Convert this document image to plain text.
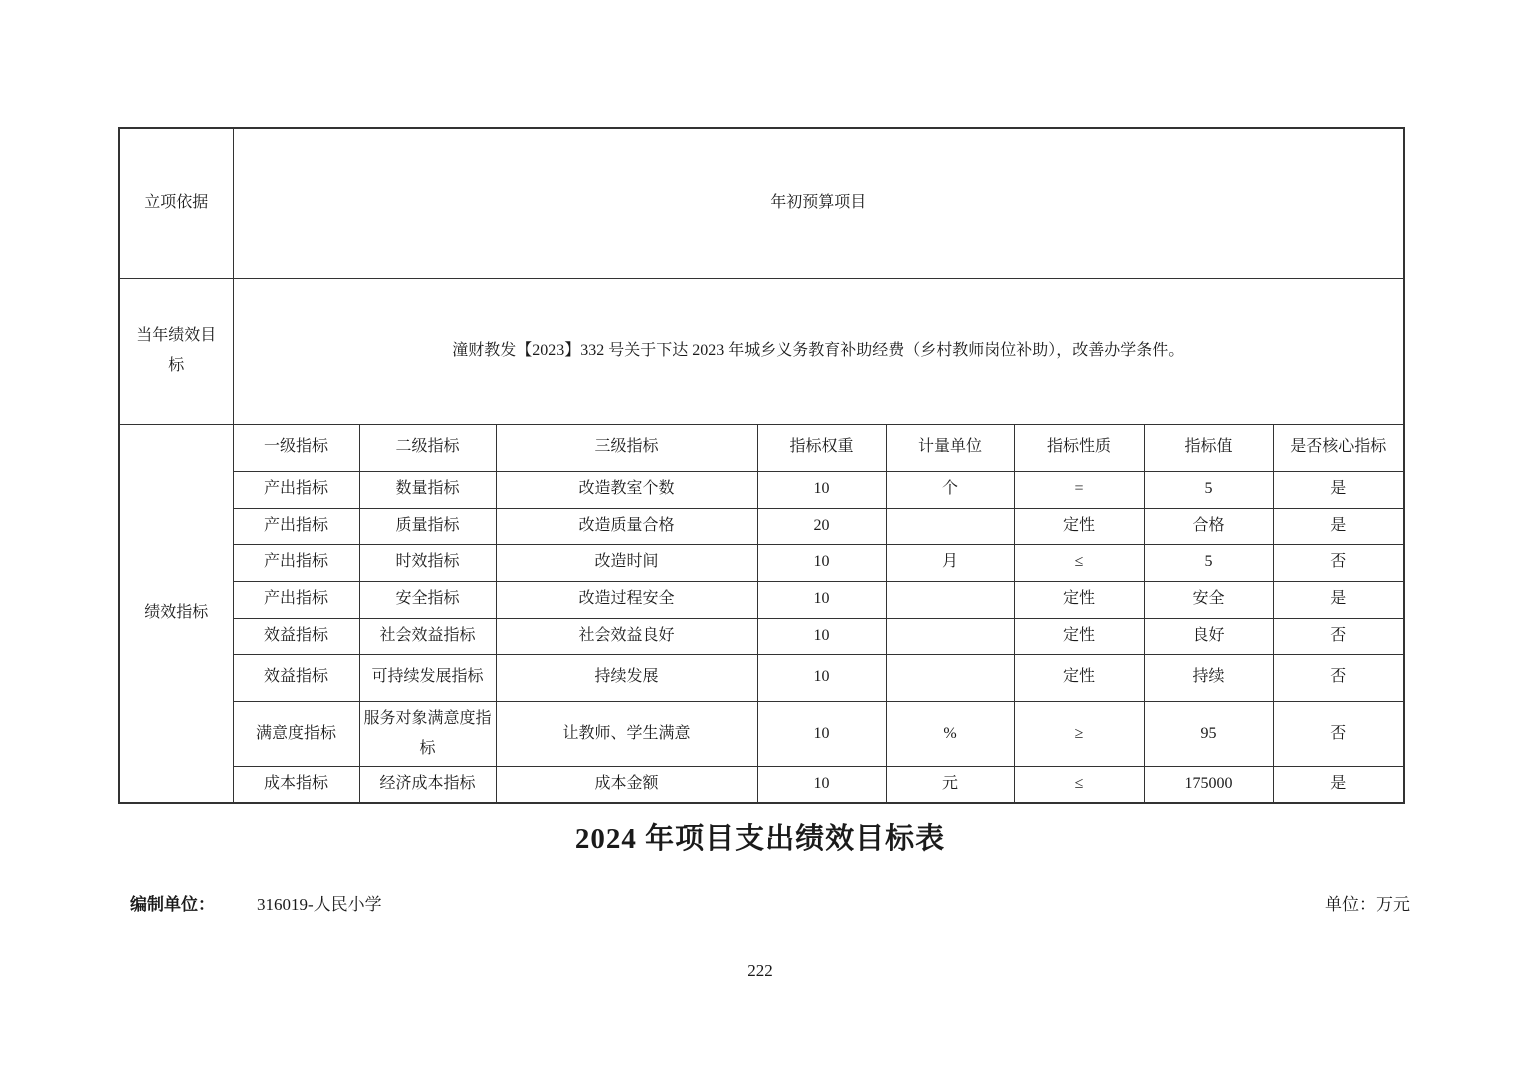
立项依据	年初预算项目							
当年绩效目标	潼财教发【2023】332 号关于下达 2023 年城乡义务教育补助经费（乡村教师岗位补助），改善办学条件。							
绩效指标	一级指标	二级指标	三级指标	指标权重	计量单位	指标性质	指标值	是否核心指标
	产出指标	数量指标	改造教室个数	10	个	=	5	是
	产出指标	质量指标	改造质量合格	20		定性	合格	是
	产出指标	时效指标	改造时间	10	月	≤	5	否
	产出指标	安全指标	改造过程安全	10		定性	安全	是
	效益指标	社会效益指标	社会效益良好	10		定性	良好	否
	效益指标	可持续发展指标	持续发展	10		定性	持续	否
	满意度指标	服务对象满意度指标	让教师、学生满意	10	%	≥	95	否
	成本指标	经济成本指标	成本金额	10	元	≤	175000	是
2024 年项目支出绩效目标表
编制单位： 316019-人民小学	单位：万元
222
